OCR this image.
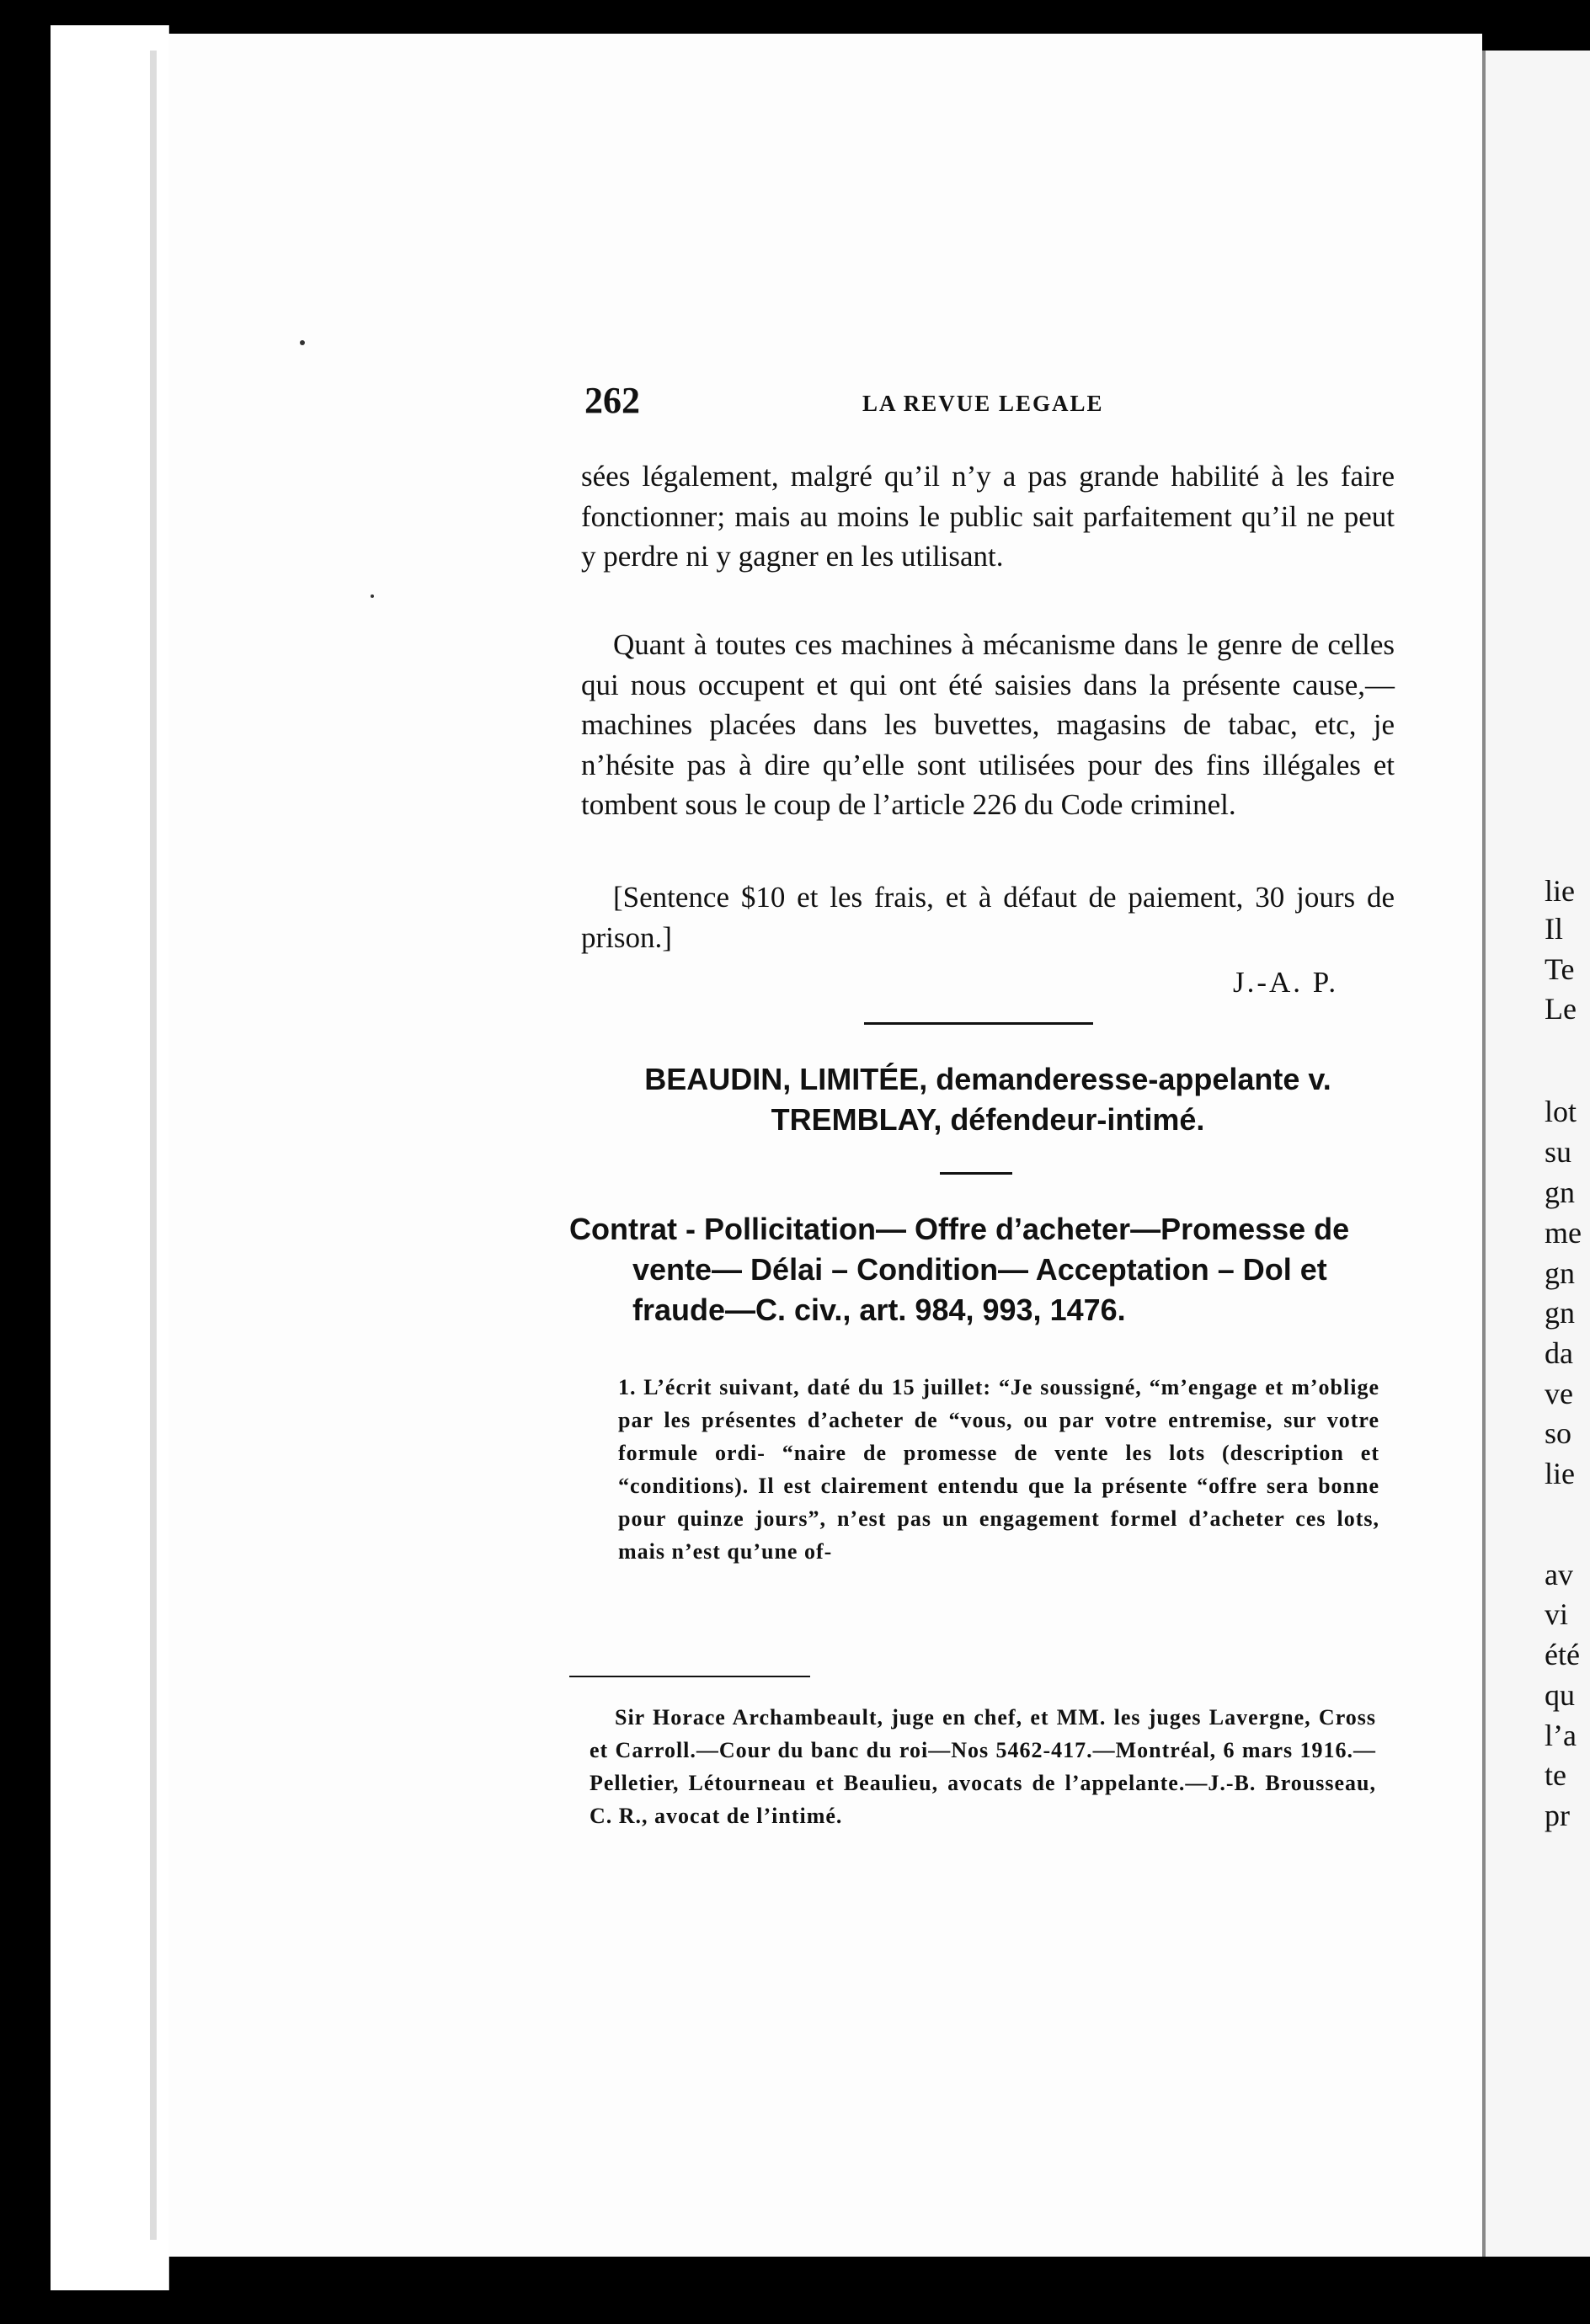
262	LA REVUE LEGALE
sées légalement, malgré qu’il n’y a pas grande habilité à les faire fonctionner; mais au moins le public sait parfaitement qu’il ne peut y perdre ni y gagner en les utilisant.
Quant à toutes ces machines à mécanisme dans le genre de celles qui nous occupent et qui ont été saisies dans la présente cause,—machines placées dans les buvettes, magasins de tabac, etc, je n’hésite pas à dire qu’elle sont utilisées pour des fins illégales et tombent sous le coup de l’article 226 du Code criminel.
[Sentence $10 et les frais, et à défaut de paiement, 30 jours de prison.]
J.-A. P.
BEAUDIN, LIMITÉE, demanderesse-appelante v.
TREMBLAY, défendeur-intimé.
Contrat - Pollicitation— Offre d’acheter—Promesse de vente— Délai – Condition— Acceptation – Dol et fraude—C. civ., art. 984, 993, 1476.
1. L’écrit suivant, daté du 15 juillet: “Je soussigné, “m’engage et m’oblige par les présentes d’acheter de “vous, ou par votre entremise, sur votre formule ordi- “naire de promesse de vente les lots (description et “conditions). Il est clairement entendu que la présente “offre sera bonne pour quinze jours”, n’est pas un engagement formel d’acheter ces lots, mais n’est qu’une of-
Sir Horace Archambeault, juge en chef, et MM. les juges Lavergne, Cross et Carroll.—Cour du banc du roi—Nos 5462-417.—Montréal, 6 mars 1916.—Pelletier, Létourneau et Beaulieu, avocats de l’appelante.—J.-B. Brousseau, C. R., avocat de l’intimé.
lie
Il
Te
Le
lot
su
gn
me
gn
gn
da
ve
so
lie
av
vi
été
qu
l’a
te
pr
